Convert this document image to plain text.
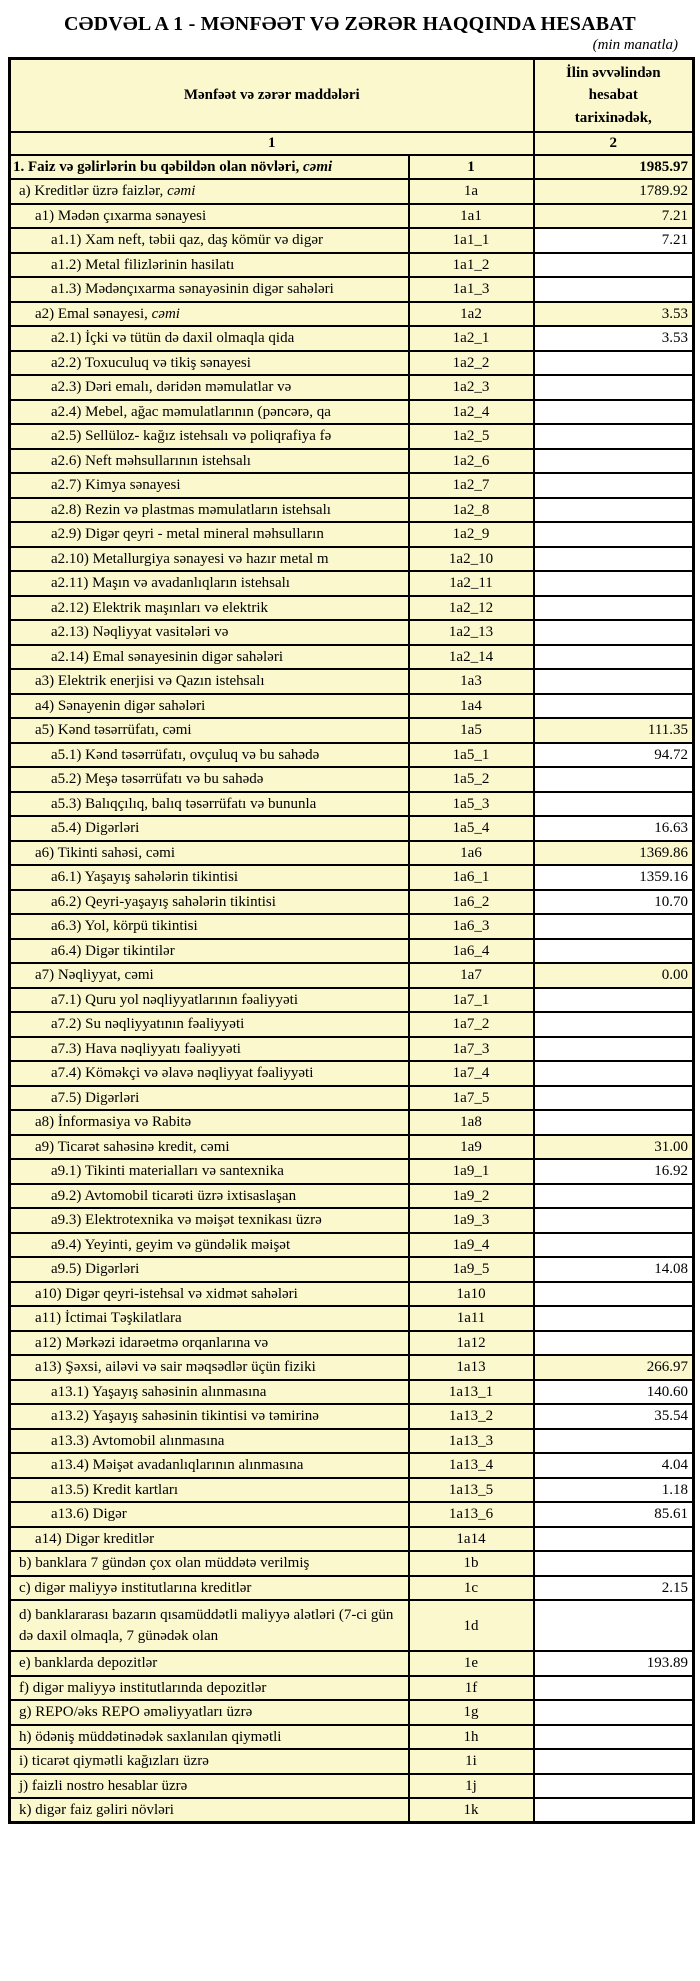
CƏDVƏL A 1 - MƏNFƏƏT VƏ ZƏRƏR HAQQINDA HESABAT
(min manatla)
Mənfəət və zərər maddələri		İlin əvvəlindən hesabat tarixinədək,

1		2
1. Faiz və gəlirlərin bu qəbildən olan növləri, cəmi	1	1985.97
a) Kreditlər üzrə faizlər, cəmi	1a	1789.92
a1) Mədən çıxarma sənayesi	1a1	7.21
a1.1) Xam neft, təbii qaz, daş kömür və digər	1a1_1	7.21
a1.2) Metal filizlərinin hasilatı	1a1_2	
a1.3) Mədənçıxarma sənayəsinin digər sahələri	1a1_3	
a2) Emal sənayesi, cəmi	1a2	3.53
a2.1) İçki və tütün də daxil olmaqla qida	1a2_1	3.53
a2.2) Toxuculuq və tikiş sənayesi	1a2_2	
a2.3) Dəri emalı, dəridən məmulatlar və	1a2_3	
a2.4) Mebel, ağac məmulatlarının (pəncərə, qa	1a2_4	
a2.5) Sellüloz- kağız istehsalı və poliqrafiya fə	1a2_5	
a2.6) Neft məhsullarının istehsalı	1a2_6	
a2.7) Kimya sənayesi	1a2_7	
a2.8) Rezin və plastmas məmulatların istehsalı	1a2_8	
a2.9) Digər qeyri - metal mineral məhsulların	1a2_9	
a2.10) Metallurgiya sənayesi və hazır metal m	1a2_10	
a2.11) Maşın və avadanlıqların istehsalı	1a2_11	
a2.12) Elektrik maşınları və elektrik	1a2_12	
a2.13) Nəqliyyat vasitələri və	1a2_13	
a2.14) Emal sənayesinin digər sahələri	1a2_14	
a3) Elektrik enerjisi və Qazın istehsalı	1a3	
a4) Sənayenin digər sahələri	1a4	
a5) Kənd təsərrüfatı, cəmi	1a5	111.35
a5.1) Kənd təsərrüfatı, ovçuluq və bu sahədə	1a5_1	94.72
a5.2) Meşə təsərrüfatı və bu sahədə	1a5_2	
a5.3) Balıqçılıq, balıq təsərrüfatı və bununla	1a5_3	
a5.4) Digərləri	1a5_4	16.63
a6) Tikinti sahəsi, cəmi	1a6	1369.86
a6.1) Yaşayış sahələrin tikintisi	1a6_1	1359.16
a6.2) Qeyri-yaşayış sahələrin tikintisi	1a6_2	10.70
a6.3) Yol, körpü tikintisi	1a6_3	
a6.4) Digər tikintilər	1a6_4	
a7) Nəqliyyat, cəmi	1a7	0.00
a7.1) Quru yol nəqliyyatlarının fəaliyyəti	1a7_1	
a7.2) Su nəqliyyatının fəaliyyəti	1a7_2	
a7.3) Hava nəqliyyatı fəaliyyəti	1a7_3	
a7.4) Köməkçi və əlavə nəqliyyat fəaliyyəti	1a7_4	
a7.5) Digərləri	1a7_5	
a8) İnformasiya və Rabitə	1a8	
a9) Ticarət sahəsinə kredit, cəmi	1a9	31.00
a9.1) Tikinti materialları və santexnika	1a9_1	16.92
a9.2) Avtomobil ticarəti üzrə ixtisaslaşan	1a9_2	
a9.3) Elektrotexnika və məişət texnikası üzrə	1a9_3	
a9.4) Yeyinti, geyim və gündəlik məişət	1a9_4	
a9.5) Digərləri	1a9_5	14.08
a10) Digər qeyri-istehsal və xidmət sahələri	1a10	
a11) İctimai Təşkilatlara	1a11	
a12) Mərkəzi idarəetmə orqanlarına və	1a12	
a13) Şəxsi, ailəvi və sair məqsədlər üçün fiziki	1a13	266.97
a13.1) Yaşayış sahəsinin alınmasına	1a13_1	140.60
a13.2) Yaşayış sahəsinin tikintisi və təmirinə	1a13_2	35.54
a13.3) Avtomobil alınmasına	1a13_3	
a13.4) Məişət avadanlıqlarının alınmasına	1a13_4	4.04
a13.5) Kredit kartları	1a13_5	1.18
a13.6) Digər	1a13_6	85.61
a14) Digər kreditlər	1a14	
b) banklara 7 gündən çox olan müddətə verilmiş	1b	
c) digər maliyyə institutlarına kreditlər	1c	2.15
d) banklararası bazarın qısamüddətli maliyyə alətləri (7-ci gün də daxil olmaqla, 7 günədək olan	1d	
e) banklarda depozitlər	1e	193.89
f) digər maliyyə institutlarında depozitlər	1f	
g) REPO/əks REPO əməliyyatları üzrə	1g	
h) ödəniş müddətinədək saxlanılan qiymətli	1h	
i) ticarət qiymətli kağızları üzrə	1i	
j) faizli nostro hesablar üzrə	1j	
k) digər faiz gəliri növləri	1k	
